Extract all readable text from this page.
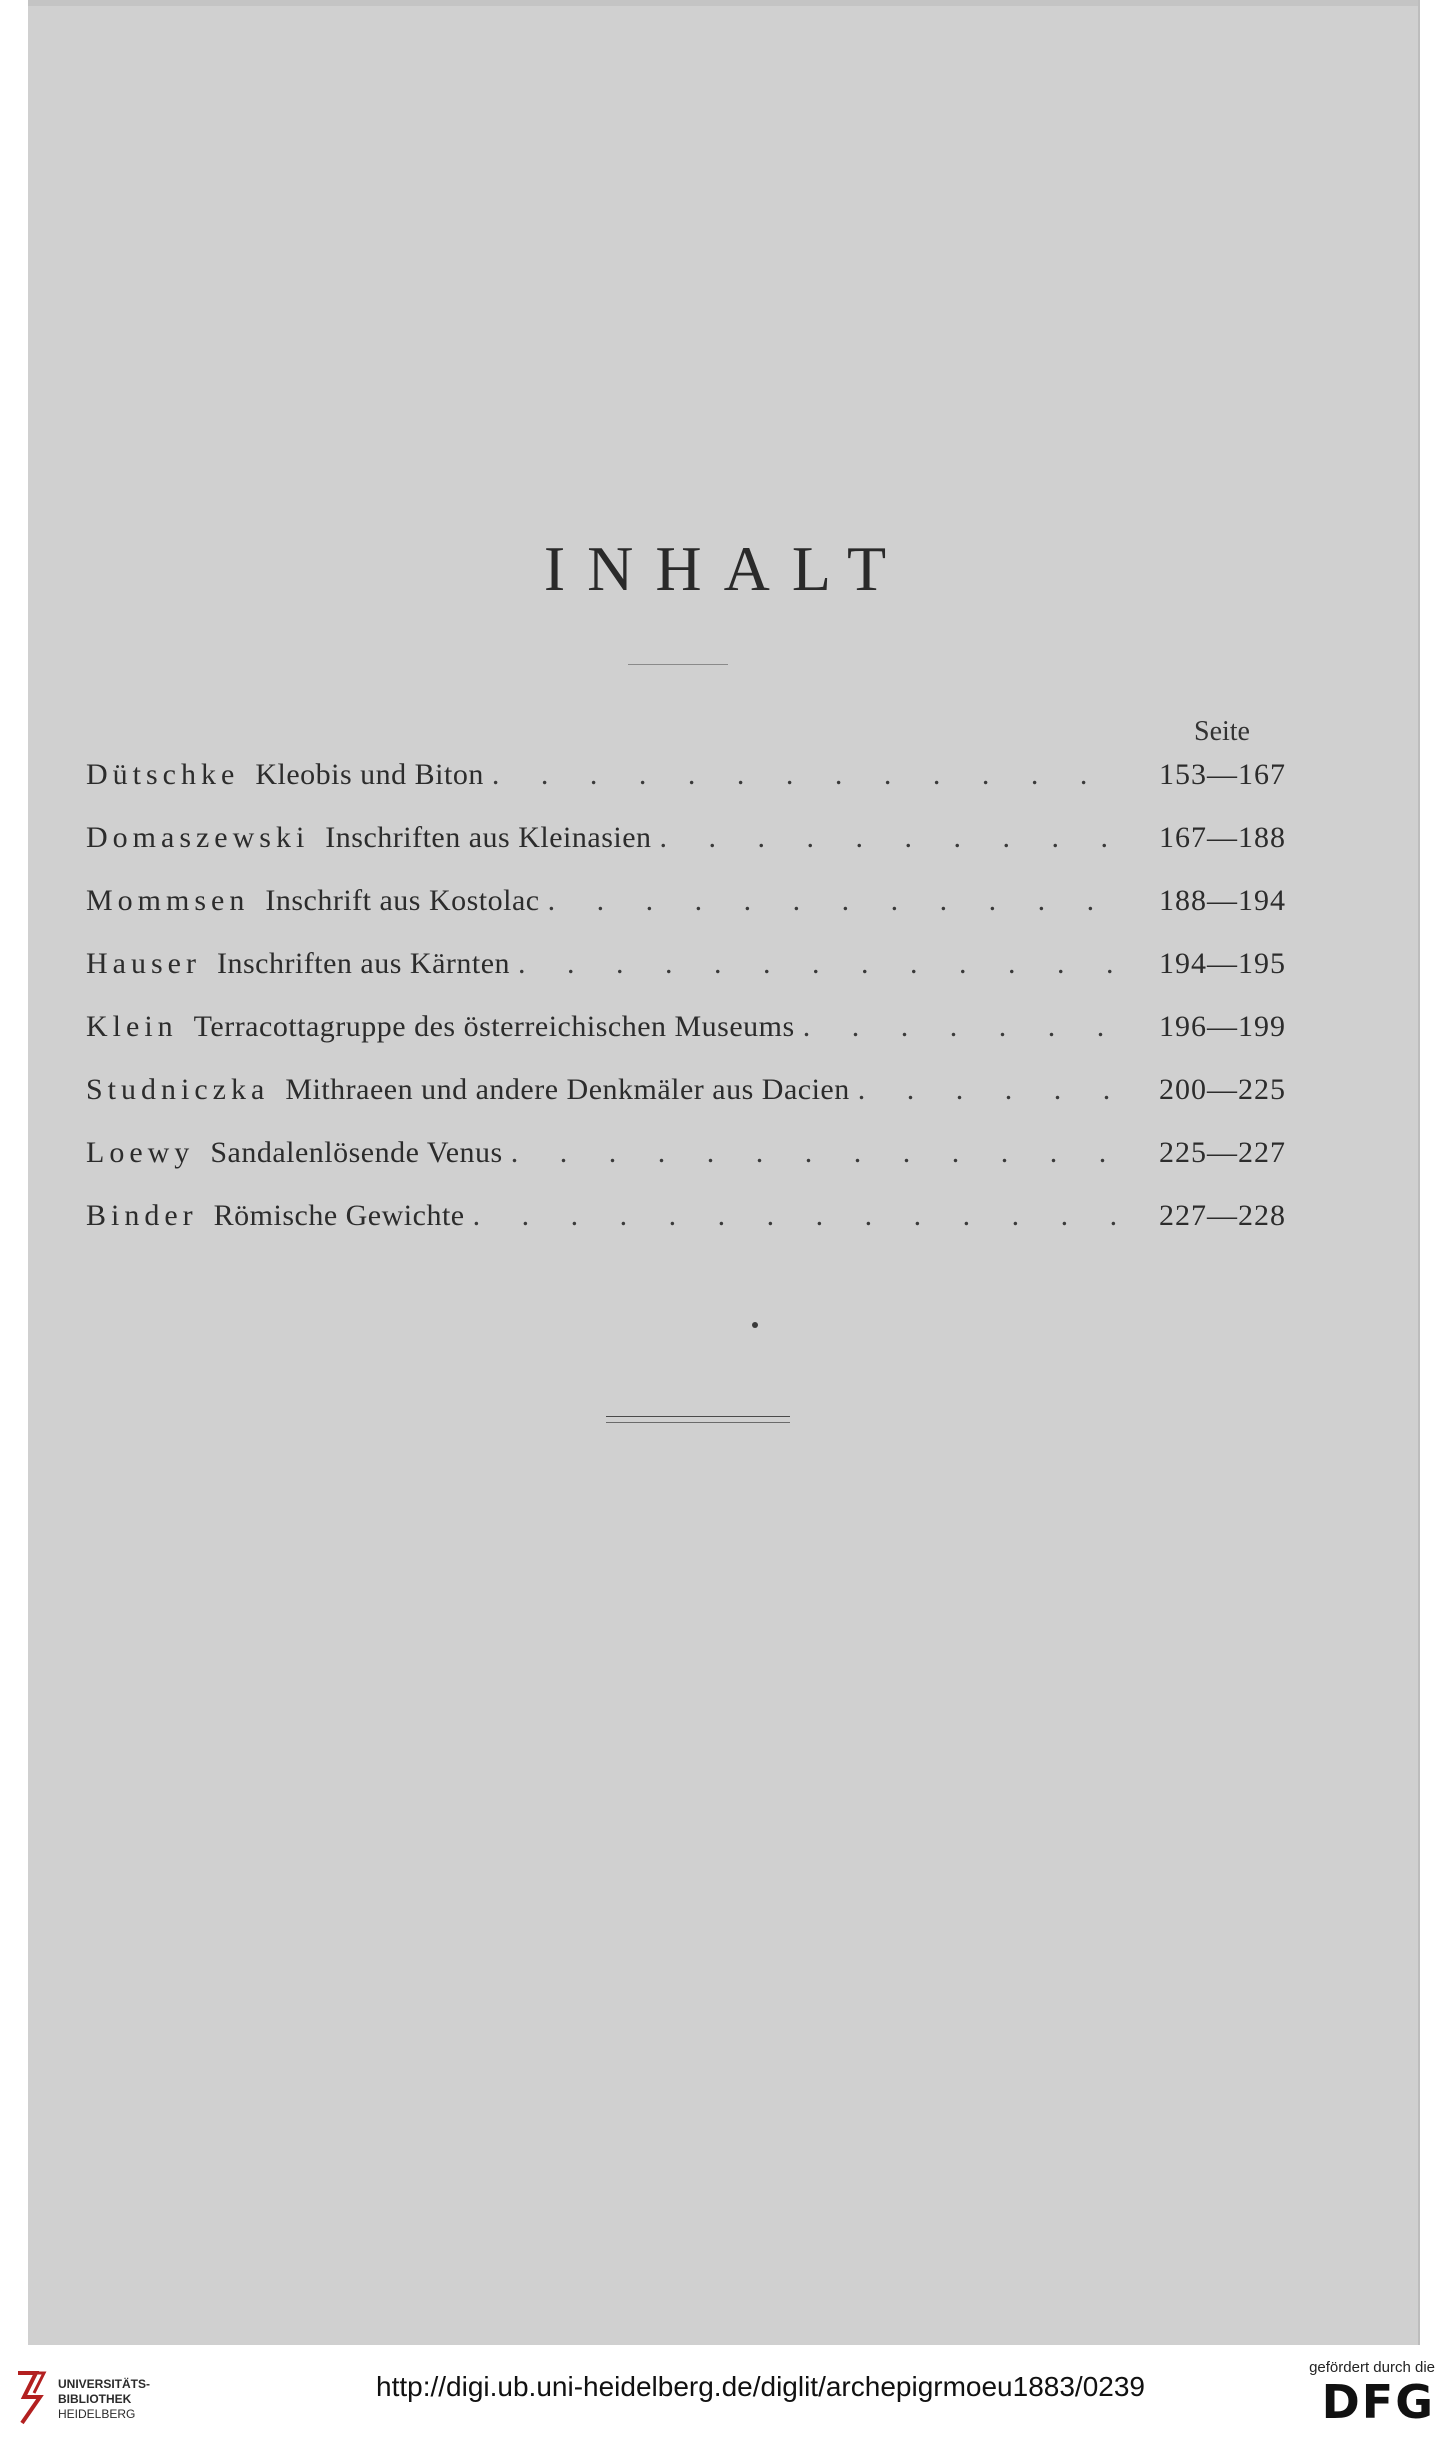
INHALT
Seite
Dütschke Kleobis und Biton . . .	153—167
Domaszewski Inschriften aus Kleinasien . . .	167—188
Mommsen Inschrift aus Kostolac . . .	188—194
Hauser Inschriften aus Kärnten . . .	194—195
Klein Terracottagruppe des österreichischen Museums . . .	196—199
Studniczka Mithraeen und andere Denkmäler aus Dacien . . .	200—225
Loewy Sandalenlösende Venus . . .	225—227
Binder Römische Gewichte . . .	227—228
UNIVERSITÄTS-
BIBLIOTHEK
HEIDELBERG
http://digi.ub.uni-heidelberg.de/diglit/archepigrmoeu1883/0239
gefördert durch die
DFG
